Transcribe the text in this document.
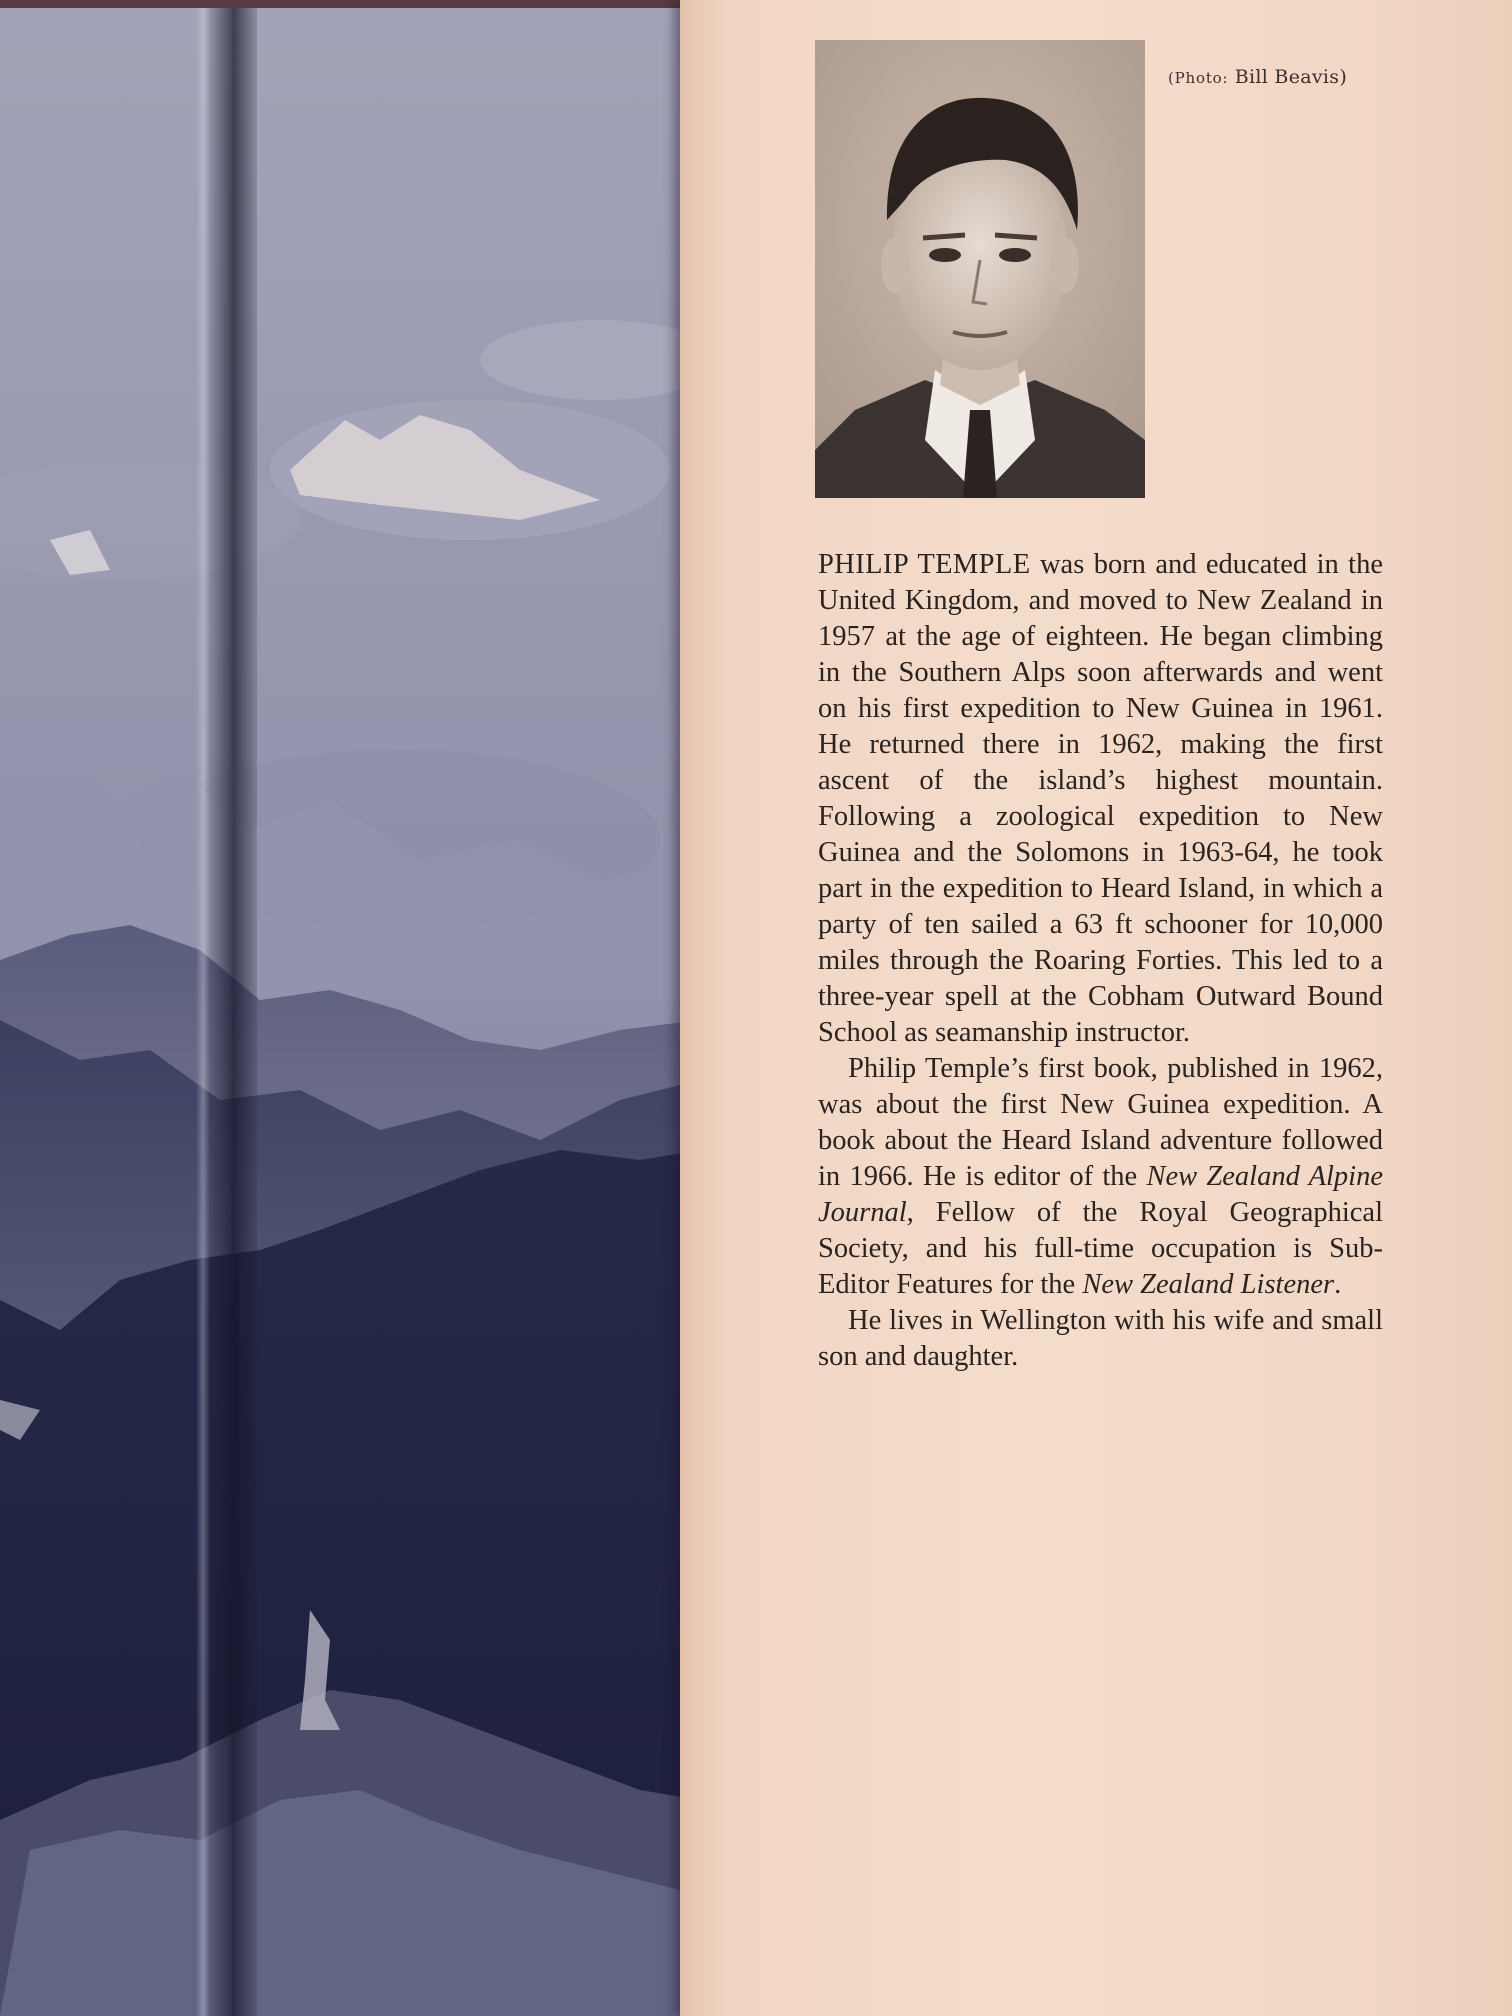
(Photo: Bill Beavis)

PHILIP TEMPLE was born and educated in the United Kingdom, and moved to New Zealand in 1957 at the age of eighteen. He began climbing in the Southern Alps soon afterwards and went on his first expedition to New Guinea in 1961. He returned there in 1962, making the first ascent of the island’s highest mountain. Following a zoological expedition to New Guinea and the Solomons in 1963-64, he took part in the expedition to Heard Island, in which a party of ten sailed a 63 ft schooner for 10,000 miles through the Roaring Forties. This led to a three-year spell at the Cobham Outward Bound School as seamanship instructor.

Philip Temple’s first book, published in 1962, was about the first New Guinea expedition. A book about the Heard Island adventure followed in 1966. He is editor of the New Zealand Alpine Journal, Fellow of the Royal Geographical Society, and his full-time occupation is Sub-Editor Features for the New Zealand Listener.

He lives in Wellington with his wife and small son and daughter.
